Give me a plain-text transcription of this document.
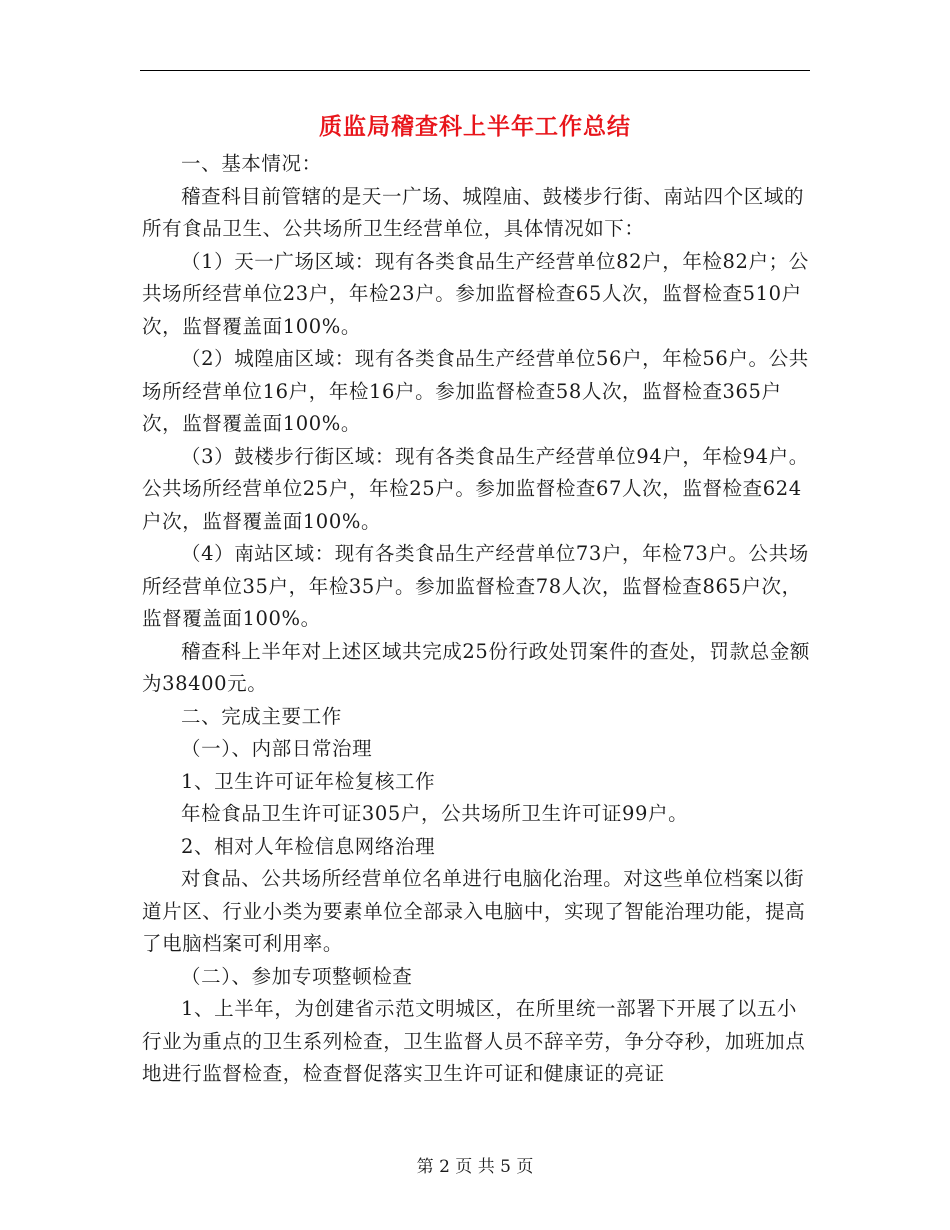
质监局稽查科上半年工作总结

一、基本情况：

稽查科目前管辖的是天一广场、城隍庙、鼓楼步行街、南站四个区域的所有食品卫生、公共场所卫生经营单位，具体情况如下：

（1）天一广场区域：现有各类食品生产经营单位82户，年检82户；公共场所经营单位23户，年检23户。参加监督检查65人次，监督检查510户次，监督覆盖面100%。

（2）城隍庙区域：现有各类食品生产经营单位56户，年检56户。公共场所经营单位16户，年检16户。参加监督检查58人次，监督检查365户次，监督覆盖面100%。

（3）鼓楼步行街区域：现有各类食品生产经营单位94户，年检94户。公共场所经营单位25户，年检25户。参加监督检查67人次，监督检查624户次，监督覆盖面100%。

（4）南站区域：现有各类食品生产经营单位73户，年检73户。公共场所经营单位35户，年检35户。参加监督检查78人次，监督检查865户次，监督覆盖面100%。

稽查科上半年对上述区域共完成25份行政处罚案件的查处，罚款总金额为38400元。

二、完成主要工作

（一）、内部日常治理

1、卫生许可证年检复核工作

年检食品卫生许可证305户，公共场所卫生许可证99户。

2、相对人年检信息网络治理

对食品、公共场所经营单位名单进行电脑化治理。对这些单位档案以街道片区、行业小类为要素单位全部录入电脑中，实现了智能治理功能，提高了电脑档案可利用率。

（二）、参加专项整顿检查

1、上半年，为创建省示范文明城区，在所里统一部署下开展了以五小行业为重点的卫生系列检查，卫生监督人员不辞辛劳，争分夺秒，加班加点地进行监督检查，检查督促落实卫生许可证和健康证的亮证

第 2 页 共 5 页
